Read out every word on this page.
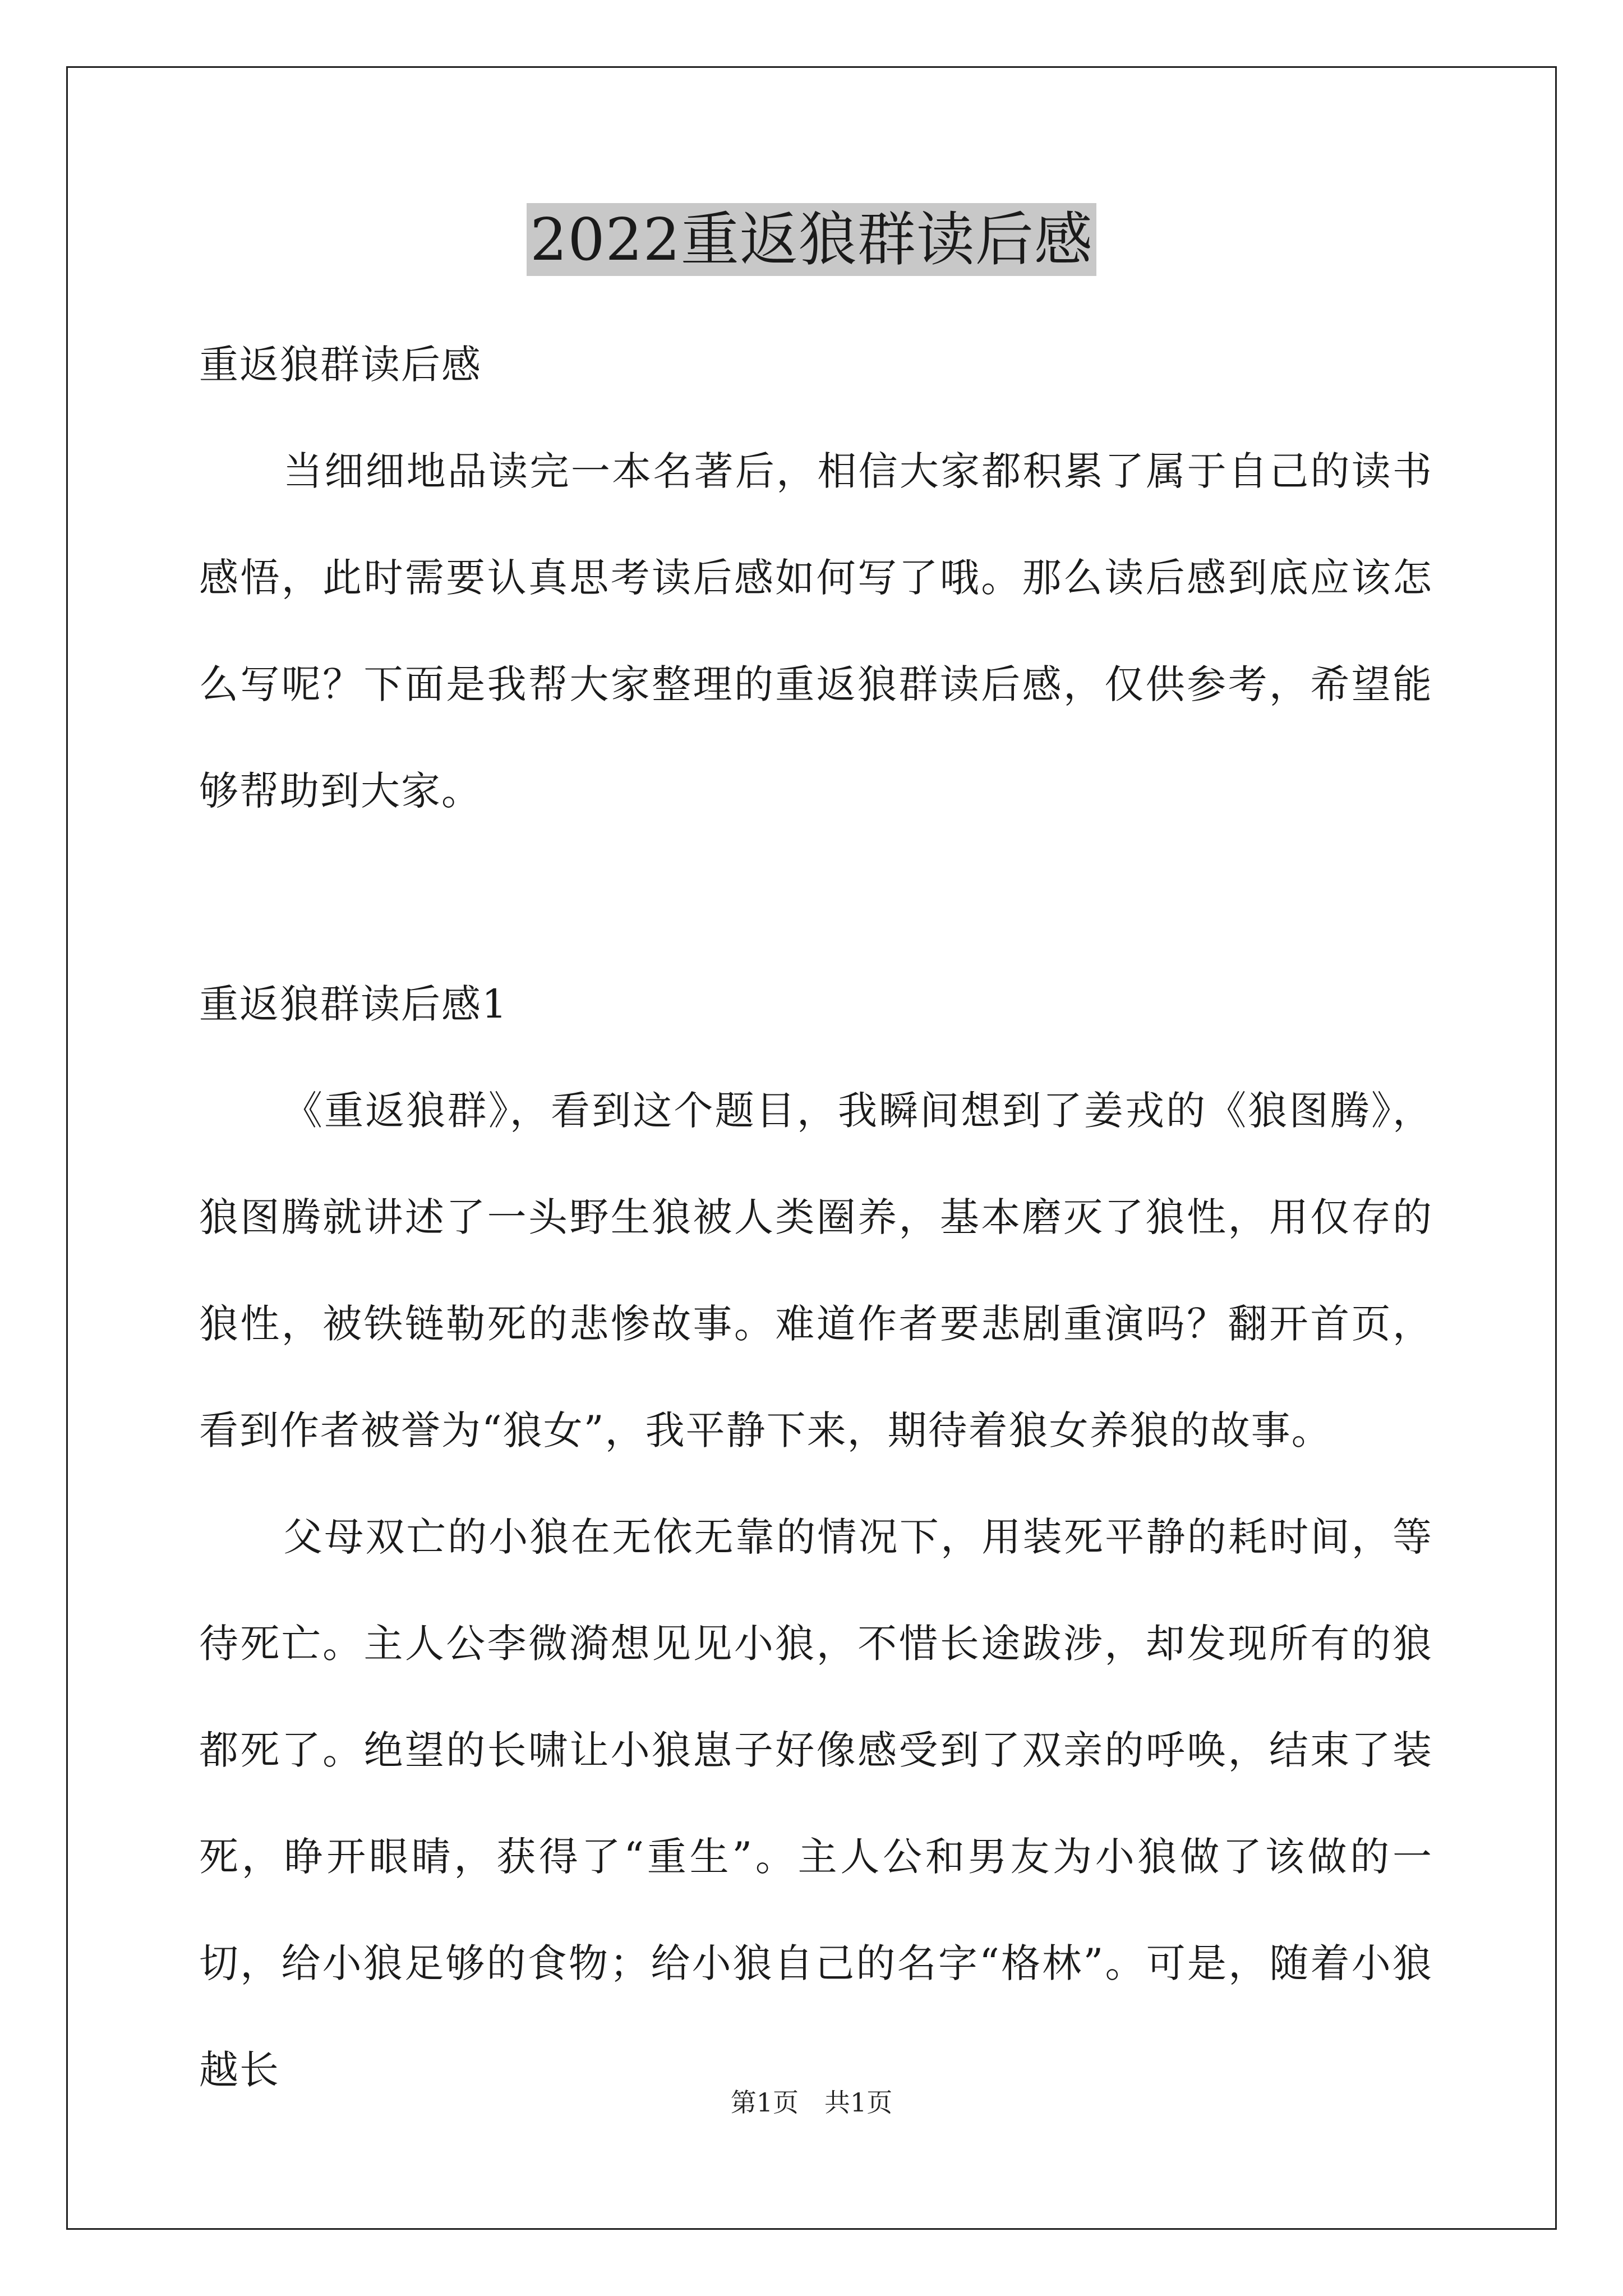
2022重返狼群读后感

重返狼群读后感

当细细地品读完一本名著后，相信大家都积累了属于自己的读书感悟，此时需要认真思考读后感如何写了哦。那么读后感到底应该怎么写呢？下面是我帮大家整理的重返狼群读后感，仅供参考，希望能够帮助到大家。

重返狼群读后感1

《重返狼群》，看到这个题目，我瞬间想到了姜戎的《狼图腾》，狼图腾就讲述了一头野生狼被人类圈养，基本磨灭了狼性，用仅存的狼性，被铁链勒死的悲惨故事。难道作者要悲剧重演吗？翻开首页，看到作者被誉为“狼女”，我平静下来，期待着狼女养狼的故事。

父母双亡的小狼在无依无靠的情况下，用装死平静的耗时间，等待死亡。主人公李微漪想见见小狼，不惜长途跋涉，却发现所有的狼都死了。绝望的长啸让小狼崽子好像感受到了双亲的呼唤，结束了装死，睁开眼睛，获得了“重生”。主人公和男友为小狼做了该做的一切，给小狼足够的食物；给小狼自己的名字“格林”。可是，随着小狼越长

第1页　共1页
